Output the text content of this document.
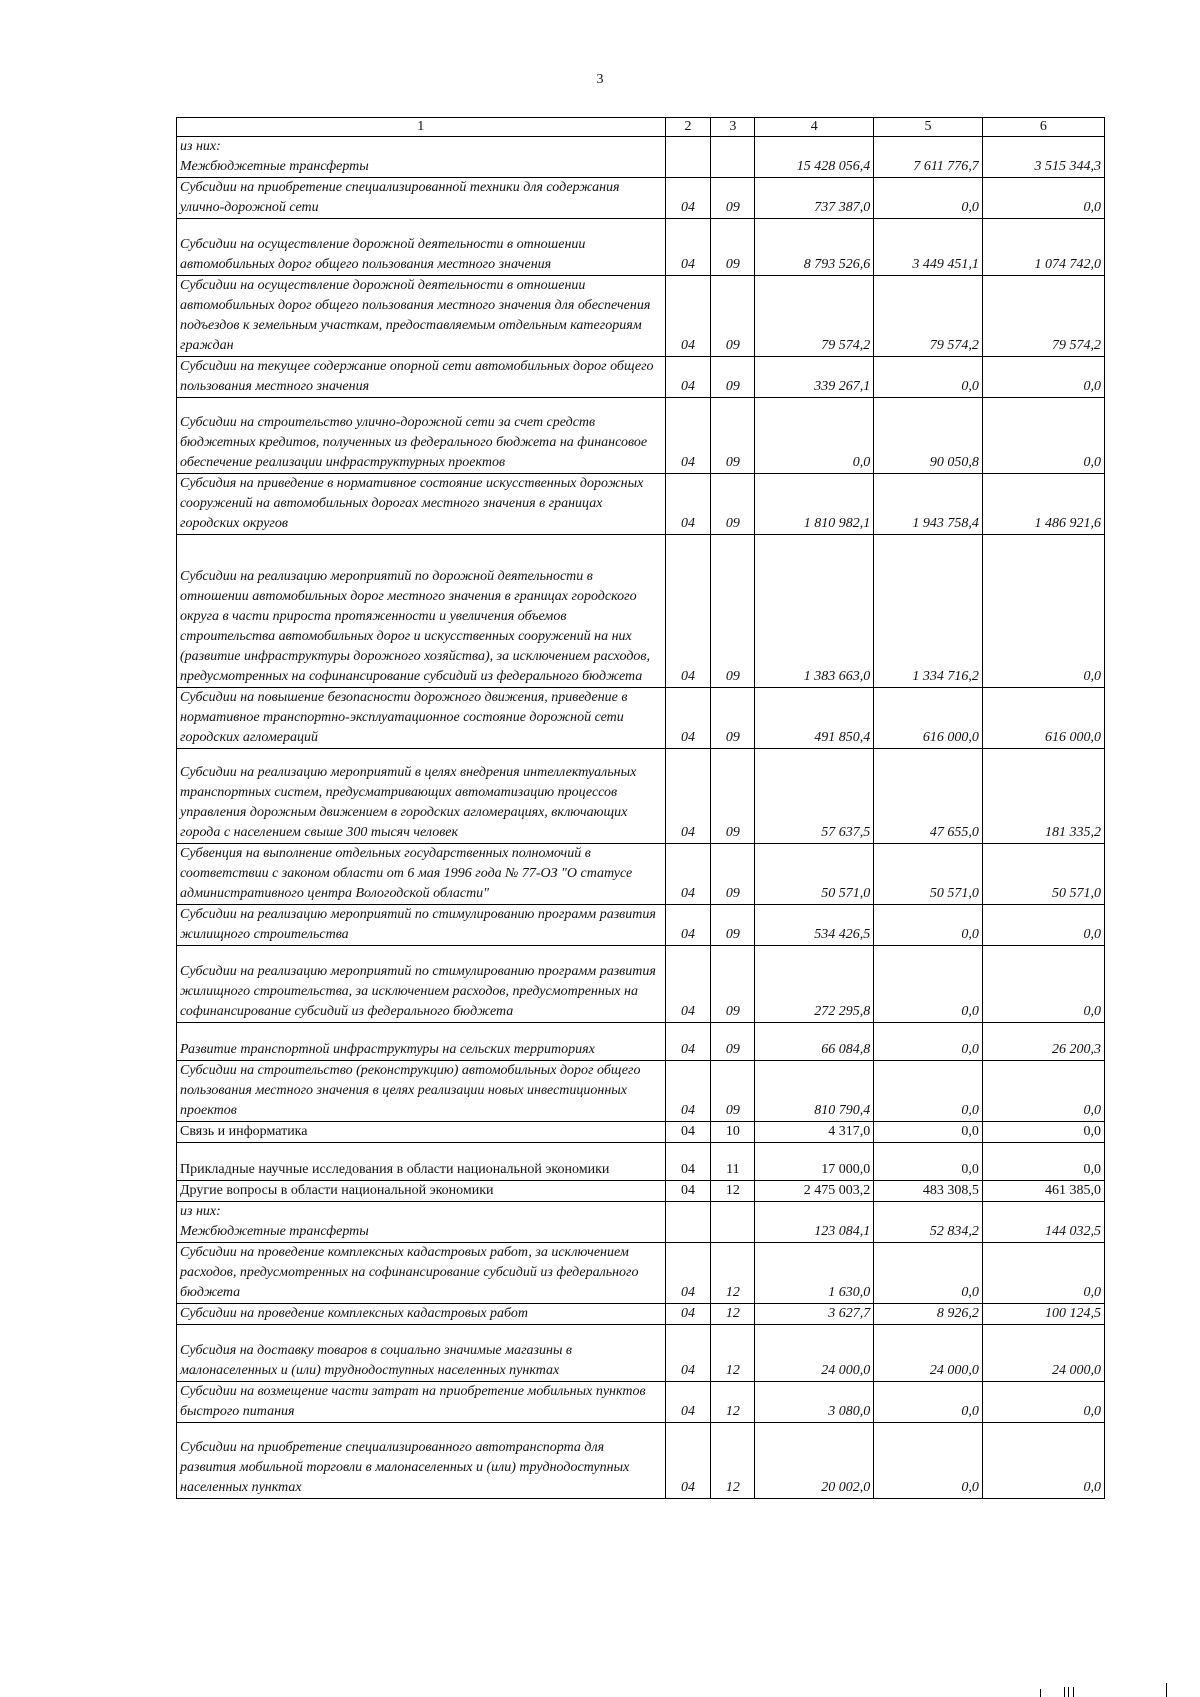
3
1	2	3	4	5	6
из них:
Межбюджетные трансферты			15 428 056,4	7 611 776,7	3 515 344,3
Субсидии на приобретение специализированной техники для содержания улично-дорожной сети	04	09	737 387,0	0,0	0,0
Субсидии на осуществление дорожной деятельности в отношении автомобильных дорог общего пользования местного значения	04	09	8 793 526,6	3 449 451,1	1 074 742,0
Субсидии на осуществление дорожной деятельности в отношении автомобильных дорог общего пользования местного значения для обеспечения подъездов к земельным участкам, предоставляемым отдельным категориям граждан	04	09	79 574,2	79 574,2	79 574,2
Субсидии на текущее содержание опорной сети автомобильных дорог общего пользования местного значения	04	09	339 267,1	0,0	0,0
Субсидии на строительство улично-дорожной сети за счет средств бюджетных кредитов, полученных из федерального бюджета на финансовое обеспечение реализации инфраструктурных проектов	04	09	0,0	90 050,8	0,0
Субсидия на приведение в нормативное состояние искусственных дорожных сооружений на автомобильных дорогах местного значения в границах городских округов	04	09	1 810 982,1	1 943 758,4	1 486 921,6
Субсидии на реализацию мероприятий по дорожной деятельности в отношении автомобильных дорог местного значения в границах городского округа в части прироста протяженности и увеличения объемов строительства автомобильных дорог и искусственных сооружений на них (развитие инфраструктуры дорожного хозяйства), за исключением расходов, предусмотренных на софинансирование субсидий из федерального бюджета	04	09	1 383 663,0	1 334 716,2	0,0
Субсидии на повышение безопасности дорожного движения, приведение в нормативное транспортно-эксплуатационное состояние дорожной сети городских агломераций	04	09	491 850,4	616 000,0	616 000,0
Субсидии на реализацию мероприятий в целях внедрения интеллектуальных транспортных систем, предусматривающих автоматизацию процессов управления дорожным движением в городских агломерациях, включающих города с населением свыше 300 тысяч человек	04	09	57 637,5	47 655,0	181 335,2
Субвенция на выполнение отдельных государственных полномочий в соответствии с законом области от 6 мая 1996 года № 77-ОЗ "О статусе административного центра Вологодской области"	04	09	50 571,0	50 571,0	50 571,0
Субсидии на реализацию мероприятий по стимулированию программ развития жилищного строительства	04	09	534 426,5	0,0	0,0
Субсидии на реализацию мероприятий по стимулированию программ развития жилищного строительства, за исключением расходов, предусмотренных на софинансирование субсидий из федерального бюджета	04	09	272 295,8	0,0	0,0
Развитие транспортной инфраструктуры на сельских территориях	04	09	66 084,8	0,0	26 200,3
Субсидии на строительство (реконструкцию) автомобильных дорог общего пользования местного значения в целях реализации новых инвестиционных проектов	04	09	810 790,4	0,0	0,0
Связь и информатика	04	10	4 317,0	0,0	0,0
Прикладные научные исследования в области национальной экономики	04	11	17 000,0	0,0	0,0
Другие вопросы в области национальной экономики	04	12	2 475 003,2	483 308,5	461 385,0
из них:
Межбюджетные трансферты			123 084,1	52 834,2	144 032,5
Субсидии на проведение комплексных кадастровых работ, за исключением расходов, предусмотренных на софинансирование субсидий из федерального бюджета	04	12	1 630,0	0,0	0,0
Субсидии на проведение комплексных кадастровых работ	04	12	3 627,7	8 926,2	100 124,5
Субсидия на доставку товаров в социально значимые магазины в малонаселенных и (или) труднодоступных населенных пунктах	04	12	24 000,0	24 000,0	24 000,0
Субсидии на возмещение части затрат на приобретение мобильных пунктов быстрого питания	04	12	3 080,0	0,0	0,0
Субсидии на приобретение специализированного автотранспорта для развития мобильной торговли в малонаселенных и (или) труднодоступных населенных пунктах	04	12	20 002,0	0,0	0,0
